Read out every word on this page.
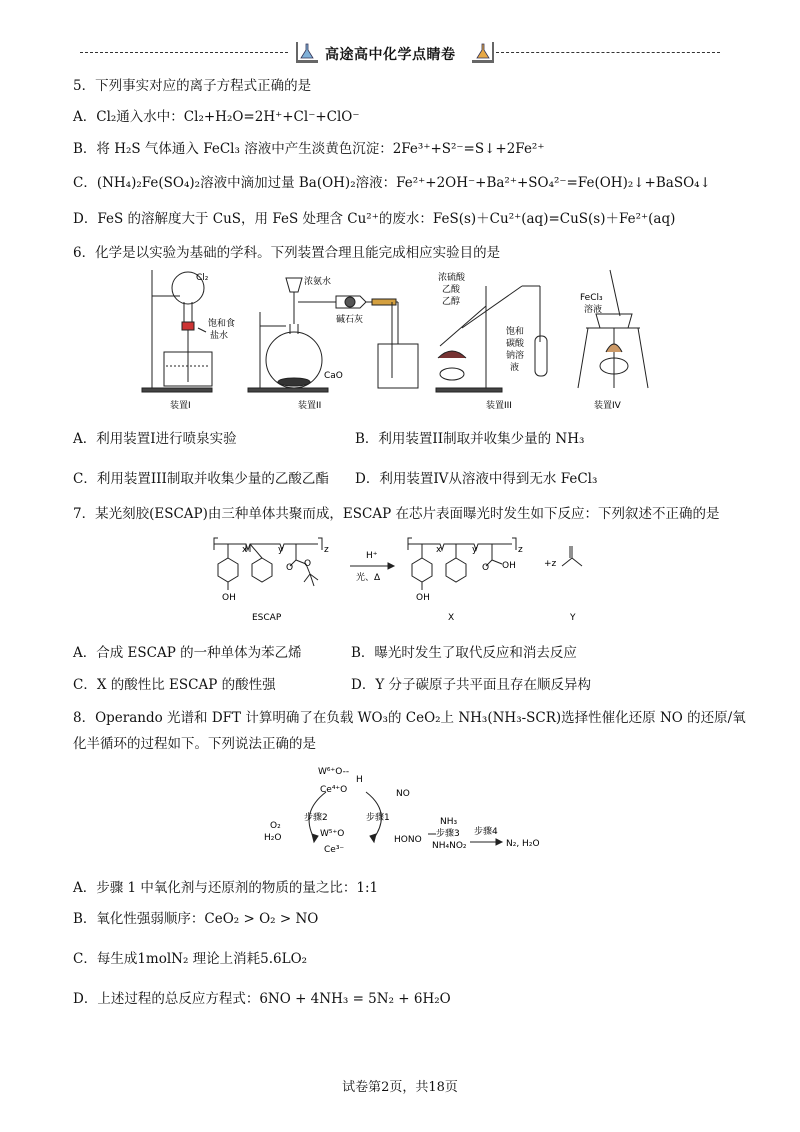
高途高中化学点睛卷
5．下列事实对应的离子方程式正确的是
A．Cl₂通入水中：Cl₂+H₂O=2H⁺+Cl⁻+ClO⁻
B．将 H₂S 气体通入 FeCl₃ 溶液中产生淡黄色沉淀：2Fe³⁺+S²⁻=S↓+2Fe²⁺
C．(NH₄)₂Fe(SO₄)₂溶液中滴加过量 Ba(OH)₂溶液：Fe²⁺+2OH⁻+Ba²⁺+SO₄²⁻=Fe(OH)₂↓+BaSO₄↓
D．FeS 的溶解度大于 CuS，用 FeS 处理含 Cu²⁺的废水：FeS(s)＋Cu²⁺(aq)=CuS(s)＋Fe²⁺(aq)
6．化学是以实验为基础的学科。下列装置合理且能完成相应实验目的是
Cl₂
饱和食
盐水
浓氨水
碱石灰
CaO
浓硫酸
乙酸
乙醇
饱和
碳酸
钠溶
液
FeCl₃
溶液
装置I	装置II	装置III	装置IV
A．利用装置I进行喷泉实验	B．利用装置II制取并收集少量的 NH₃
C．利用装置III制取并收集少量的乙酸乙酯 D．利用装置IV从溶液中得到无水 FeCl₃
7．某光刻胶(ESCAP)由三种单体共聚而成，ESCAP 在芯片表面曝光时发生如下反应：下列叙述不正确的是
x	y	z
OH
O O
H⁺
光、Δ
x	y	z
OH
O OH	+z
ESCAP	X	Y
A．合成 ESCAP 的一种单体为苯乙烯	B．曝光时发生了取代反应和消去反应
C．X 的酸性比 ESCAP 的酸性强	D．Y 分子碳原子共平面且存在顺反异构
8．Operando 光谱和 DFT 计算明确了在负载 WO₃的 CeO₂上 NH₃(NH₃-SCR)选择性催化还原 NO 的还原/氧
化半循环的过程如下。下列说法正确的是
W⁶⁺O--
H
Ce⁴⁺O	NO
步骤1
步骤2
O₂
H₂O	W⁵⁺O
Ce³⁻
HONO
NH₃
步骤3 步骤4
NH₄NO₂	N₂, H₂O
A．步骤 1 中氧化剂与还原剂的物质的量之比：1:1
B．氧化性强弱顺序：CeO₂ > O₂ > NO
C．每生成1molN₂ 理论上消耗5.6LO₂
D．上述过程的总反应方程式：6NO + 4NH₃ = 5N₂ + 6H₂O
试卷第2页，共18页
